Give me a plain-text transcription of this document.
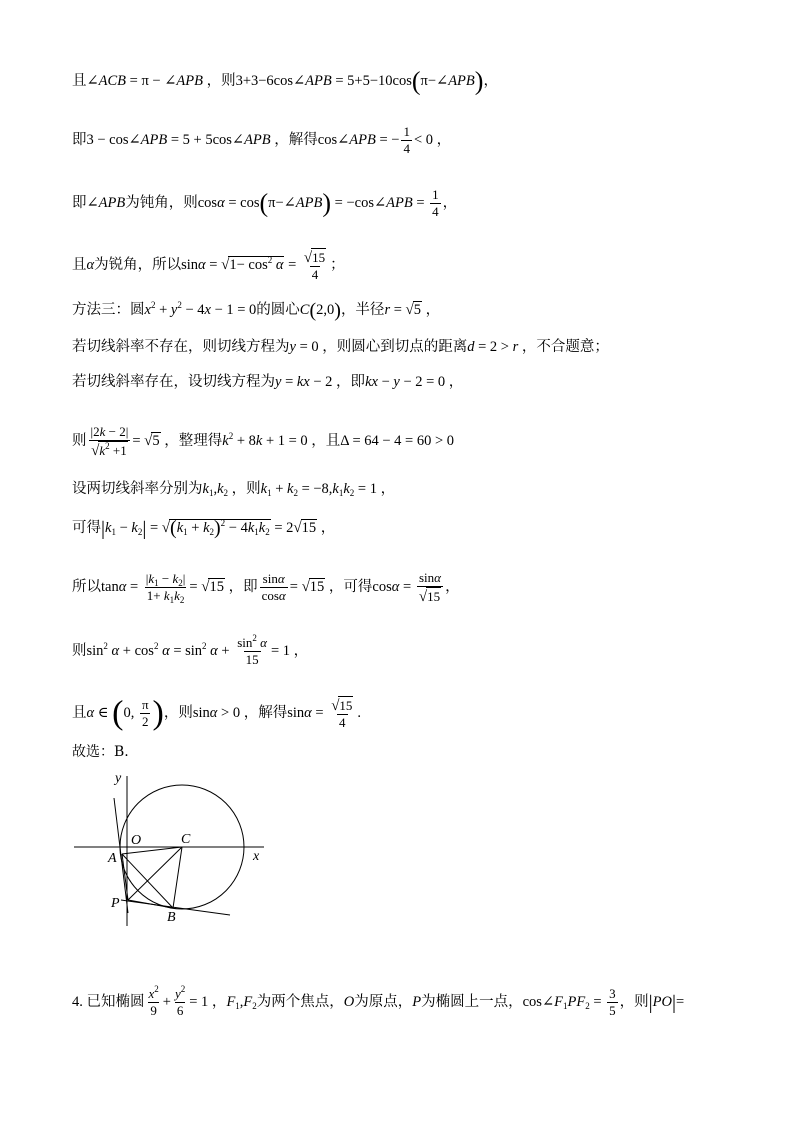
且∠ACB = π − ∠APB ，则3+3−6cos∠APB = 5+5−10cos(π−∠APB)，
即3 − cos∠APB = 5 + 5cos∠APB ，解得cos∠APB = − $\frac{1}{4} < 0$ ，
即∠APB为钝角，则cosα = cos(π−∠APB) = −cos∠APB = $\frac{1}{4}$ ，
且α为锐角，所以$\sin\alpha = √1- \cos^2 \alpha = \frac{√15}{4}$ ；
方法三：圆$x^2 + y^2 - 4x - 1 = 0$的圆心C(2,0)，半径r = √5 ，
若切线斜率不存在，则切线方程为y = 0 ，则圆心到切点的距离d = 2 > r ，不合题意；
若切线斜率存在，设切线方程为y = kx − 2 ，即kx − y − 2 = 0 ，
则 $\frac{|2k - 2|}{√k^2 +1} = √5$ ，整理得$k^2 + 8k + 1 = 0$ ，且Δ = 64 − 4 = 60 > 0
设两切线斜率分别为$k_1,k_2$ ，则$k_1 + k_2 = -8,k_1k_2 = 1$ ，
可得$|k_1 - k_2| = √(k_1 + k_2)^2 - 4k_1k_2 = 2√15$ ，
所以$\tan\alpha = \frac{|k_1 - k_2|}{1+ k_1k_2} = √15$ ，即 $\frac{\sin\alpha}{\cos\alpha} = √15$ ，可得$\cos\alpha = \frac{\sin\alpha}{√15}$ ，
则$\sin^2 \alpha + \cos^2 \alpha = \sin^2 \alpha + \frac{\sin^2 \alpha}{15} = 1$ ，
且α ∈ (0, $\frac{\pi}{2}$ )，则sinα > 0 ，解得$\sin\alpha = \frac{√15}{4}$ .
故选：B.
y
O	C
x
A
P
B
4. 已知椭圆 $\frac{x^2}{9} + \frac{y^2}{6} = 1$ ，$F_1,F_2$为两个焦点，O为原点，P为椭圆上一点，$\cos\angle F_1PF_2 = \frac{3}{5}$ ，则|PO|=
